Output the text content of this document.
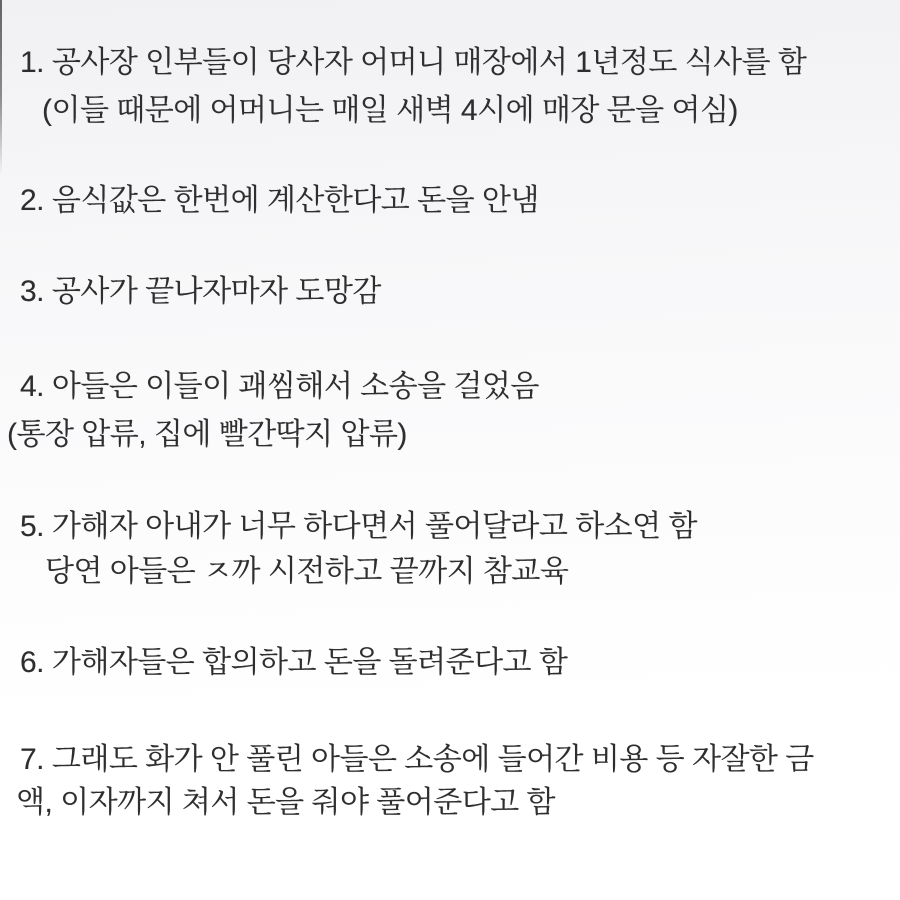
1. 공사장 인부들이 당사자 어머니 매장에서 1년정도 식사를 함
(이들 때문에 어머니는 매일 새벽 4시에 매장 문을 여심)
2. 음식값은 한번에 계산한다고 돈을 안냄
3. 공사가 끝나자마자 도망감
4. 아들은 이들이 괘씸해서 소송을 걸었음
(통장 압류, 집에 빨간딱지 압류)
5. 가해자 아내가 너무 하다면서 풀어달라고 하소연 함
당연 아들은 ㅈ까 시전하고 끝까지 참교육
6. 가해자들은 합의하고 돈을 돌려준다고 함
7. 그래도 화가 안 풀린 아들은 소송에 들어간 비용 등 자잘한 금
액, 이자까지 쳐서 돈을 줘야 풀어준다고 함
